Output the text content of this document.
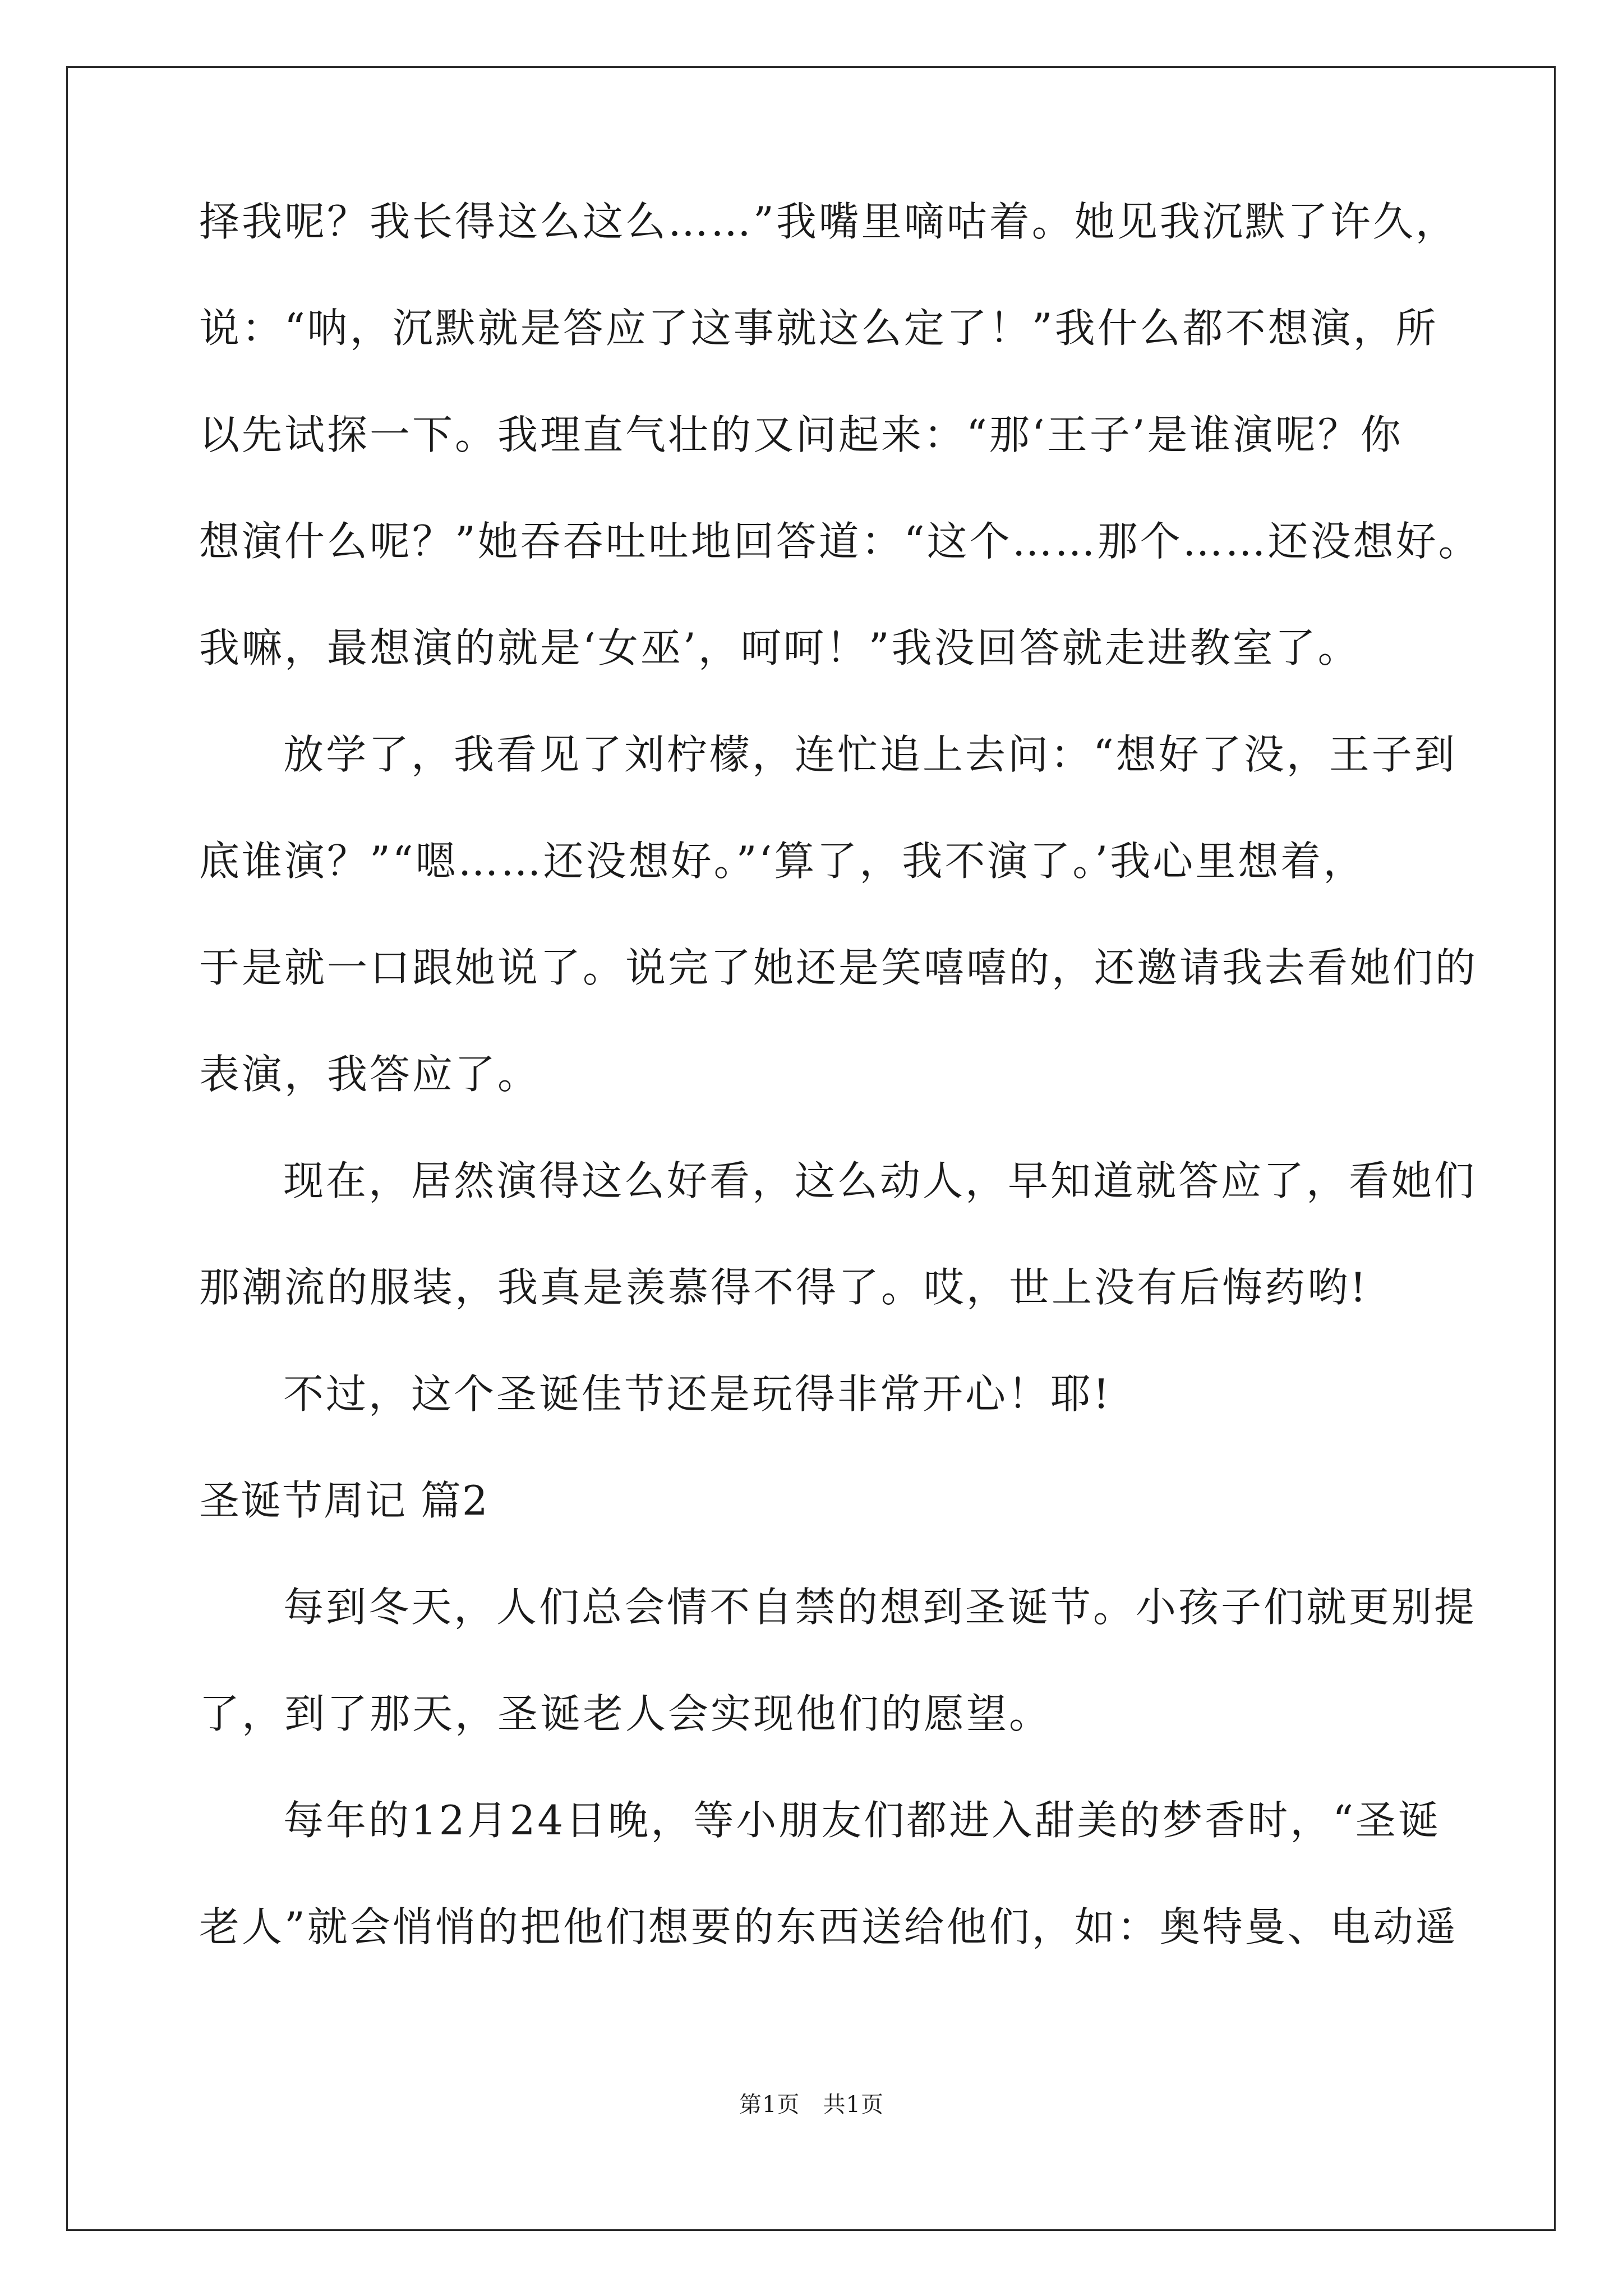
择我呢？我长得这么这么……”我嘴里嘀咕着。她见我沉默了许久，
说：“呐，沉默就是答应了这事就这么定了！”我什么都不想演，所
以先试探一下。我理直气壮的又问起来：“那‘王子’是谁演呢？你
想演什么呢？”她吞吞吐吐地回答道：“这个……那个……还没想好。
我嘛，最想演的就是‘女巫’，呵呵！”我没回答就走进教室了。
放学了，我看见了刘柠檬，连忙追上去问：“想好了没，王子到
底谁演？”“嗯……还没想好。”‘算了，我不演了。’我心里想着，
于是就一口跟她说了。说完了她还是笑嘻嘻的，还邀请我去看她们的
表演，我答应了。
现在，居然演得这么好看，这么动人，早知道就答应了，看她们
那潮流的服装，我真是羡慕得不得了。哎，世上没有后悔药哟!
不过，这个圣诞佳节还是玩得非常开心！耶!
圣诞节周记 篇2
每到冬天，人们总会情不自禁的想到圣诞节。小孩子们就更别提
了，到了那天，圣诞老人会实现他们的愿望。
每年的12月24日晚，等小朋友们都进入甜美的梦香时，“圣诞
老人”就会悄悄的把他们想要的东西送给他们，如：奥特曼、电动遥
第1页   共1页
